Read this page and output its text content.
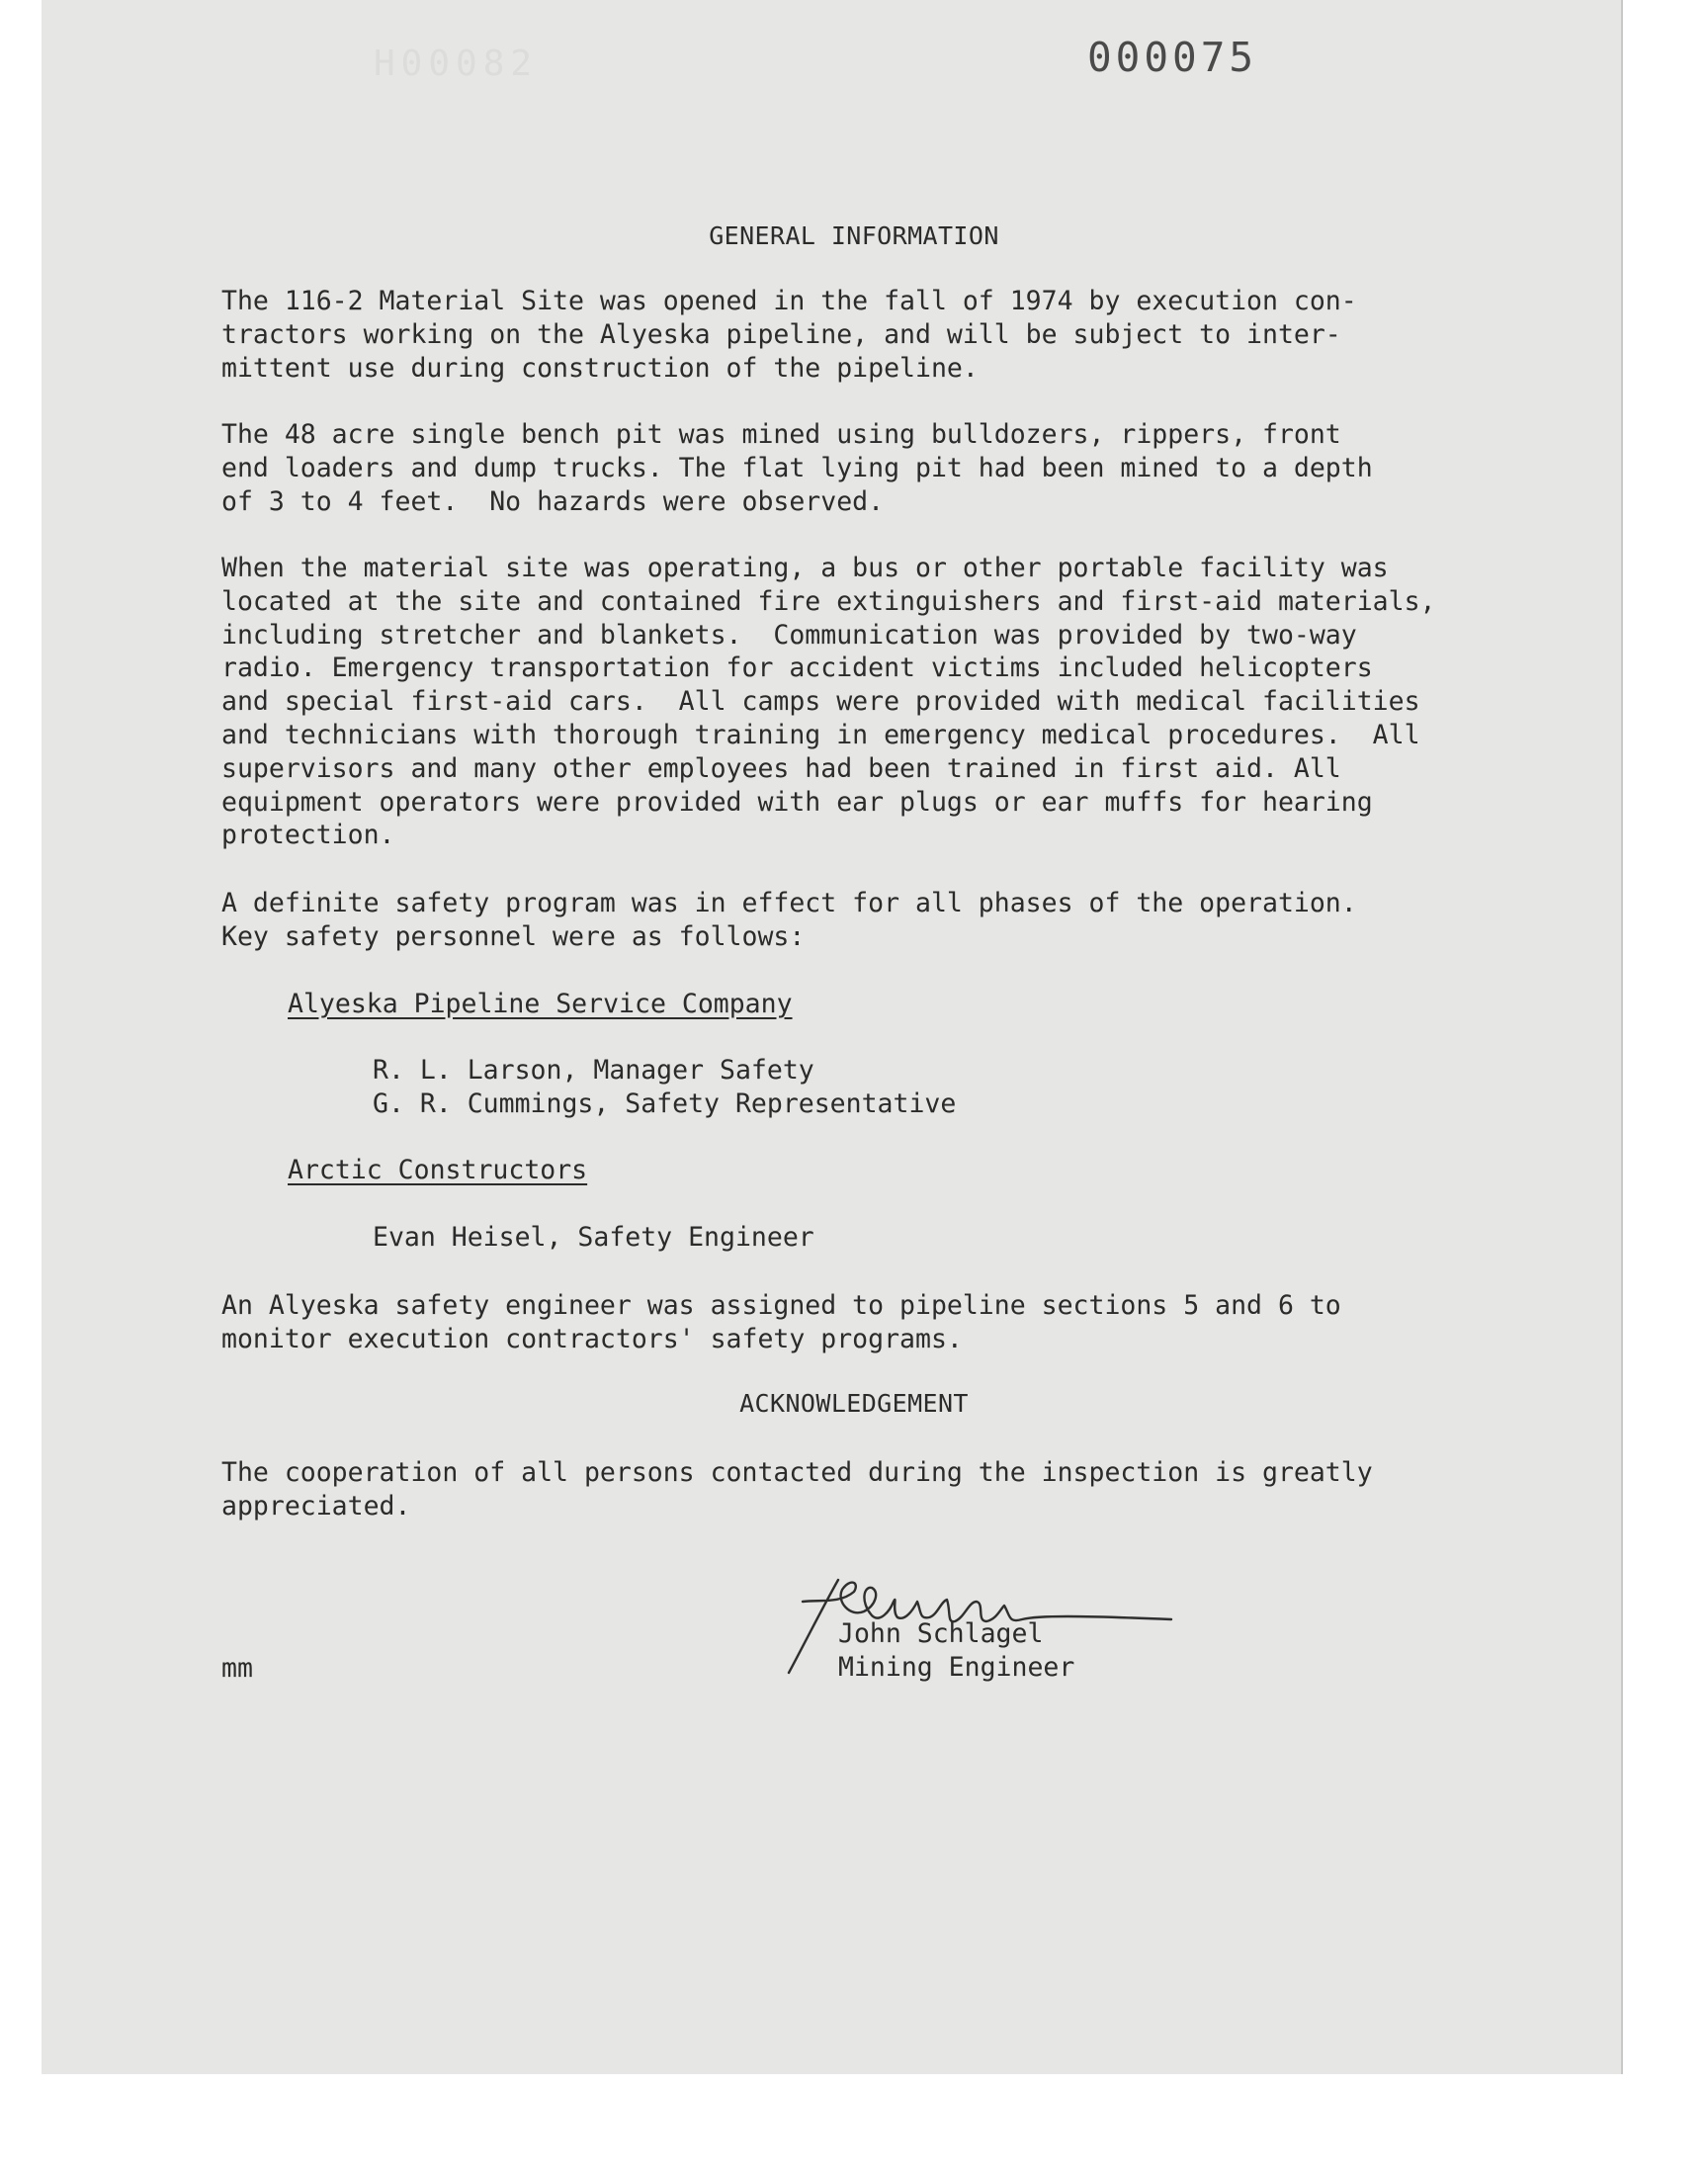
H00082	000075
GENERAL INFORMATION

The 116-2 Material Site was opened in the fall of 1974 by execution con-
tractors working on the Alyeska pipeline, and will be subject to inter-
mittent use during construction of the pipeline.

The 48 acre single bench pit was mined using bulldozers, rippers, front
end loaders and dump trucks. The flat lying pit had been mined to a depth
of 3 to 4 feet.  No hazards were observed.

When the material site was operating, a bus or other portable facility was
located at the site and contained fire extinguishers and first-aid materials,
including stretcher and blankets.  Communication was provided by two-way
radio. Emergency transportation for accident victims included helicopters
and special first-aid cars.  All camps were provided with medical facilities
and technicians with thorough training in emergency medical procedures.  All
supervisors and many other employees had been trained in first aid. All
equipment operators were provided with ear plugs or ear muffs for hearing
protection.

A definite safety program was in effect for all phases of the operation.
Key safety personnel were as follows:

Alyeska Pipeline Service Company
R. L. Larson, Manager Safety
G. R. Cummings, Safety Representative
Arctic Constructors
Evan Heisel, Safety Engineer

An Alyeska safety engineer was assigned to pipeline sections 5 and 6 to
monitor execution contractors' safety programs.

ACKNOWLEDGEMENT

The cooperation of all persons contacted during the inspection is greatly
appreciated.

John Schlagel
Mining Engineer
mm
